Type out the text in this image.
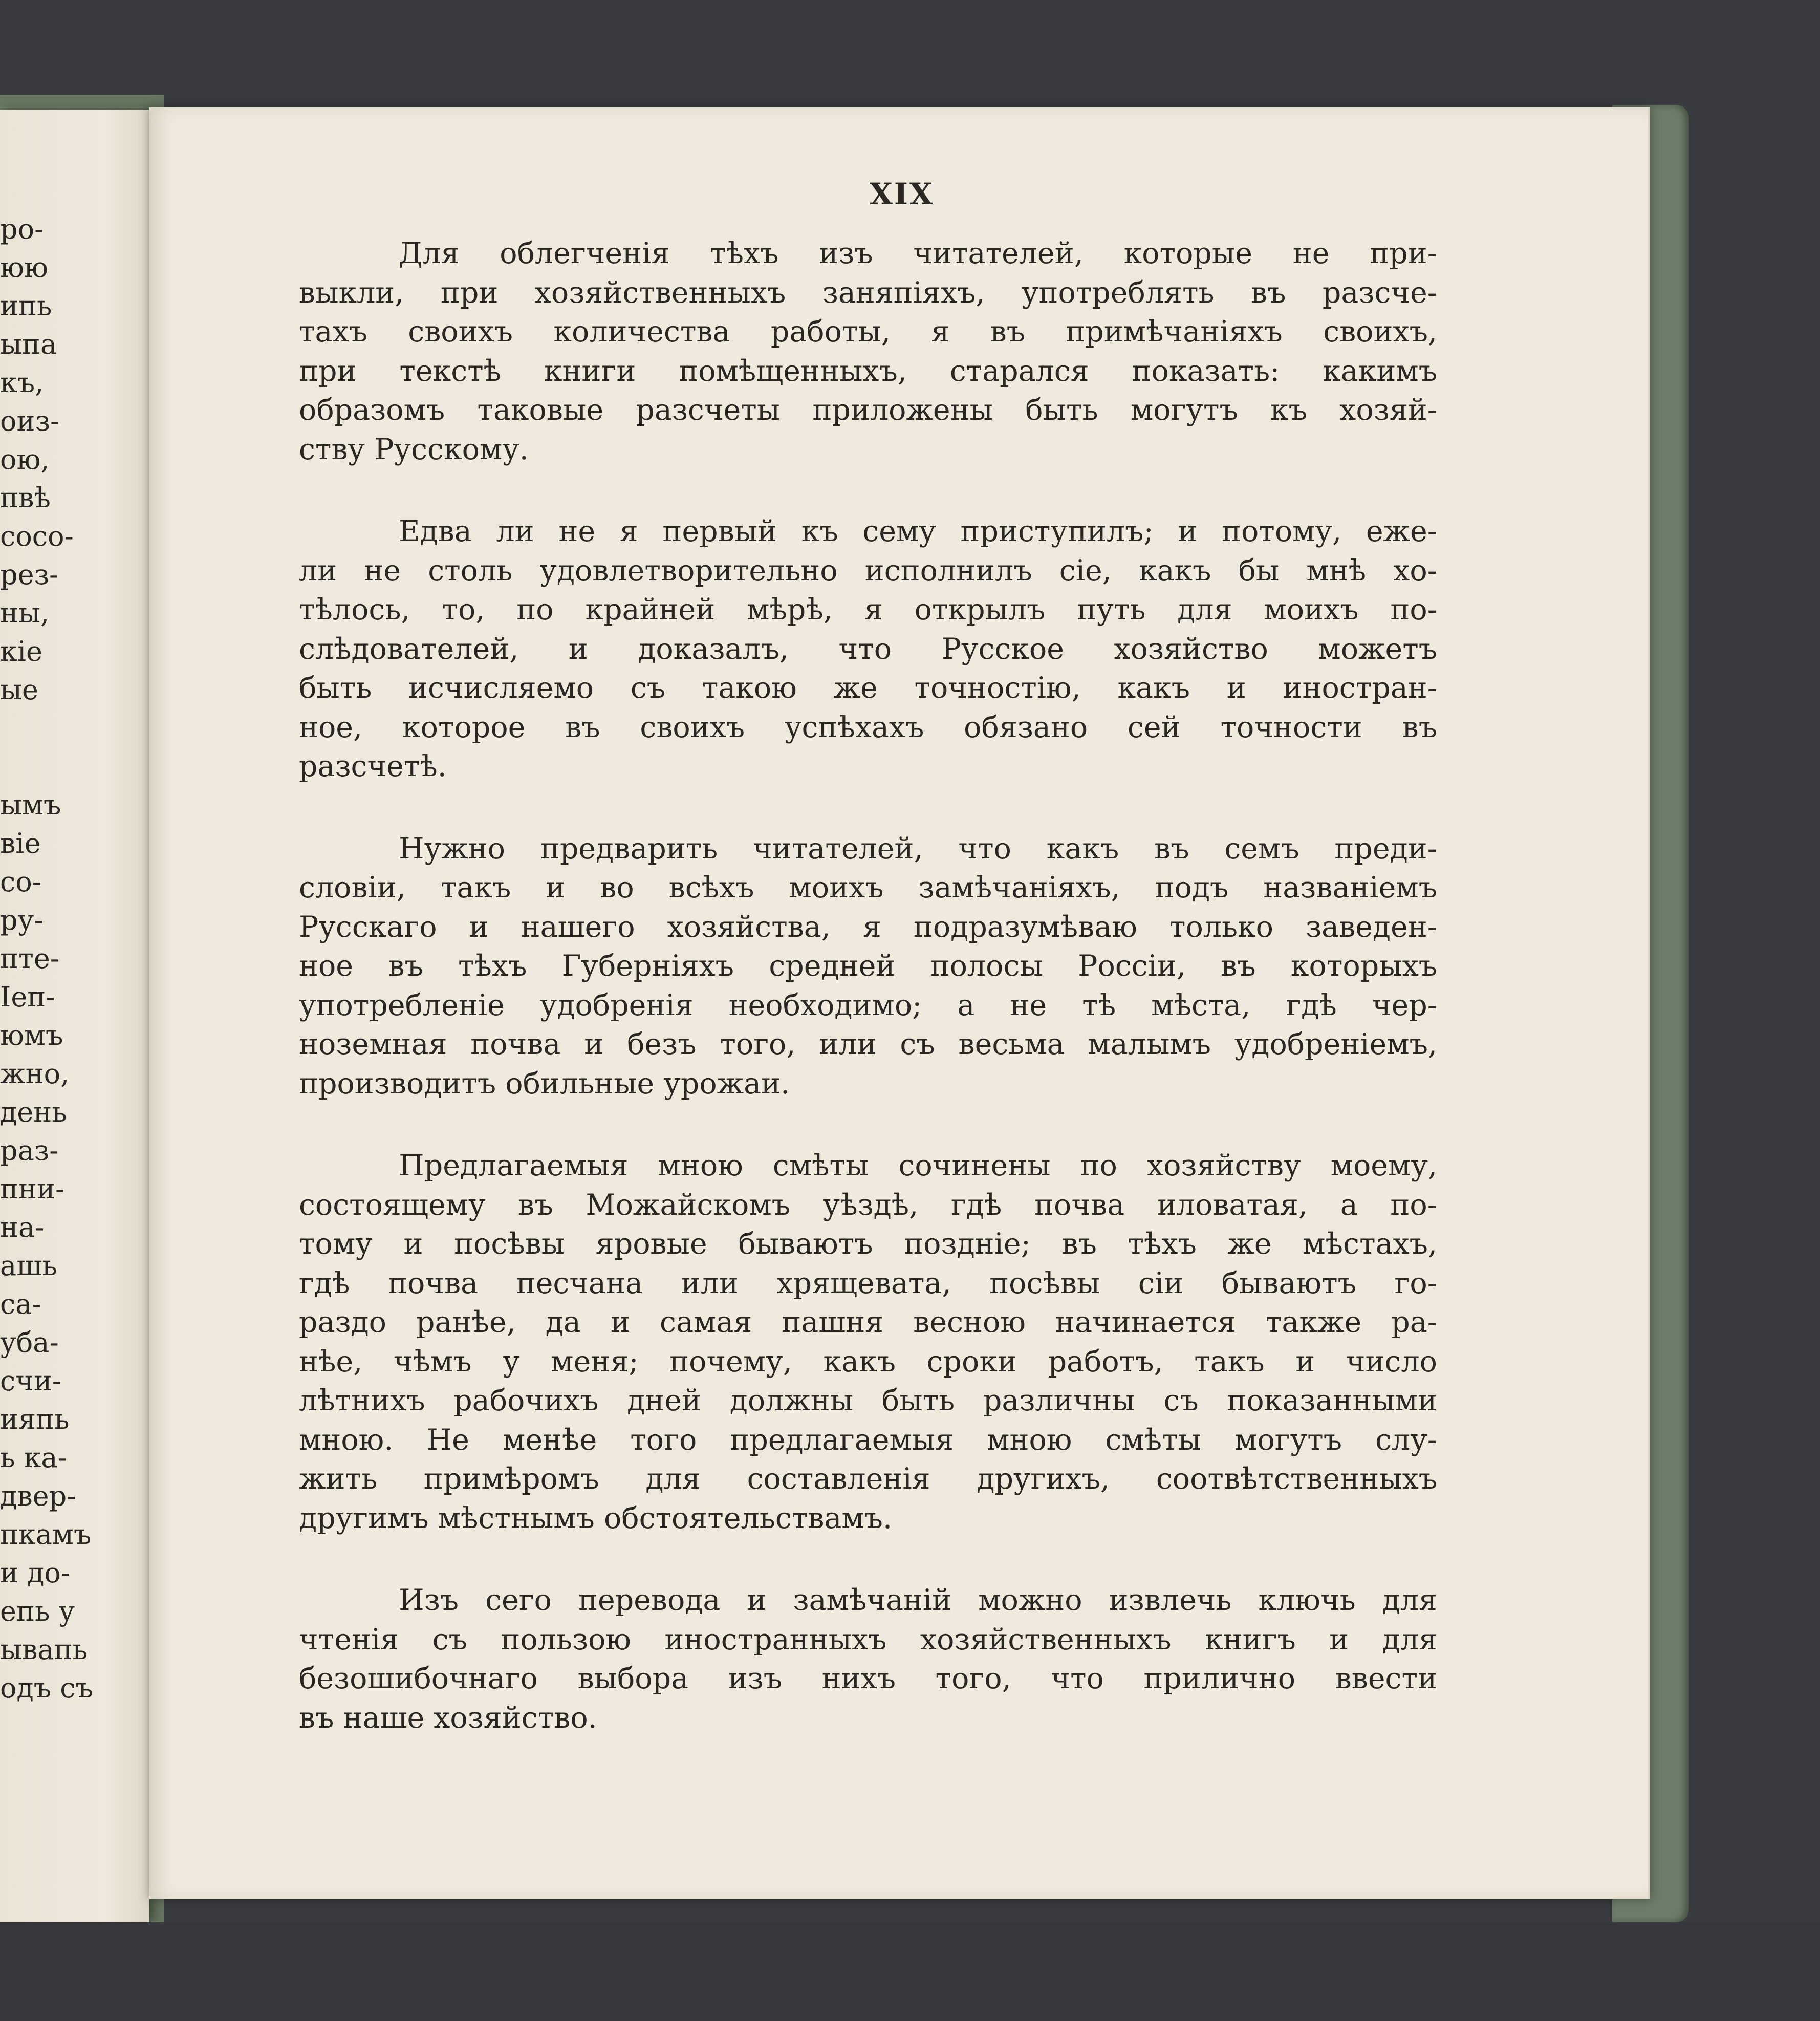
ро-
юю
ипь
ыпа
къ,
оиз-
ою,
пвѣ
сосо-
рез-
ны,
кіе
ые
ымъ
вie
со-
ру-
пте-
Іеп-
юмъ
жно,
день
раз-
пни-
на-
ашь
са-
уба-
счи-
ияпь
ь ка-
двер-
пкамъ
и до-
епь у
ывапь
одъ съ
XIX
Для облегченія тѣхъ изъ читателей, которые не при-
выкли, при хозяйственныхъ заняпіяхъ, употреблять въ разсче-
тахъ своихъ количества работы, я въ примѣчаніяхъ своихъ,
при текстѣ книги помѣщенныхъ, старался показать: какимъ
образомъ таковые разсчеты приложены быть могутъ къ хозяй-
ству Русскому.
Едва ли не я первый къ сему приступилъ; и потому, еже-
ли не столь удовлетворительно исполнилъ сіе, какъ бы мнѣ хо-
тѣлось, то, по крайней мѣрѣ, я открылъ путь для моихъ по-
слѣдователей, и доказалъ, что Русское хозяйство можетъ
быть исчисляемо съ такою же точностію, какъ и иностран-
ное, которое въ своихъ успѣхахъ обязано сей точности въ
разсчетѣ.
Нужно предварить читателей, что какъ въ семъ преди-
словіи, такъ и во всѣхъ моихъ замѣчаніяхъ, подъ названіемъ
Русскаго и нашего хозяйства, я подразумѣваю только заведен-
ное въ тѣхъ Губерніяхъ средней полосы Россіи, въ которыхъ
употребленіе удобренія необходимо; а не тѣ мѣста, гдѣ чер-
ноземная почва и безъ того, или съ весьма малымъ удобреніемъ,
производитъ обильные урожаи.
Предлагаемыя мною смѣты сочинены по хозяйству моему,
состоящему въ Можайскомъ уѣздѣ, гдѣ почва иловатая, а по-
тому и посѣвы яровые бываютъ поздніе; въ тѣхъ же мѣстахъ,
гдѣ почва песчана или хрящевата, посѣвы сіи бываютъ го-
раздо ранѣе, да и самая пашня весною начинается также ра-
нѣе, чѣмъ у меня; почему, какъ сроки работъ, такъ и число
лѣтнихъ рабочихъ дней должны быть различны съ показанными
мною. Не менѣе того предлагаемыя мною смѣты могутъ слу-
жить примѣромъ для составленія другихъ, соотвѣтственныхъ
другимъ мѣстнымъ обстоятельствамъ.
Изъ сего перевода и замѣчаній можно извлечь ключь для
чтенія съ пользою иностранныхъ хозяйственныхъ книгъ и для
безошибочнаго выбора изъ нихъ того, что прилично ввести
въ наше хозяйство.
